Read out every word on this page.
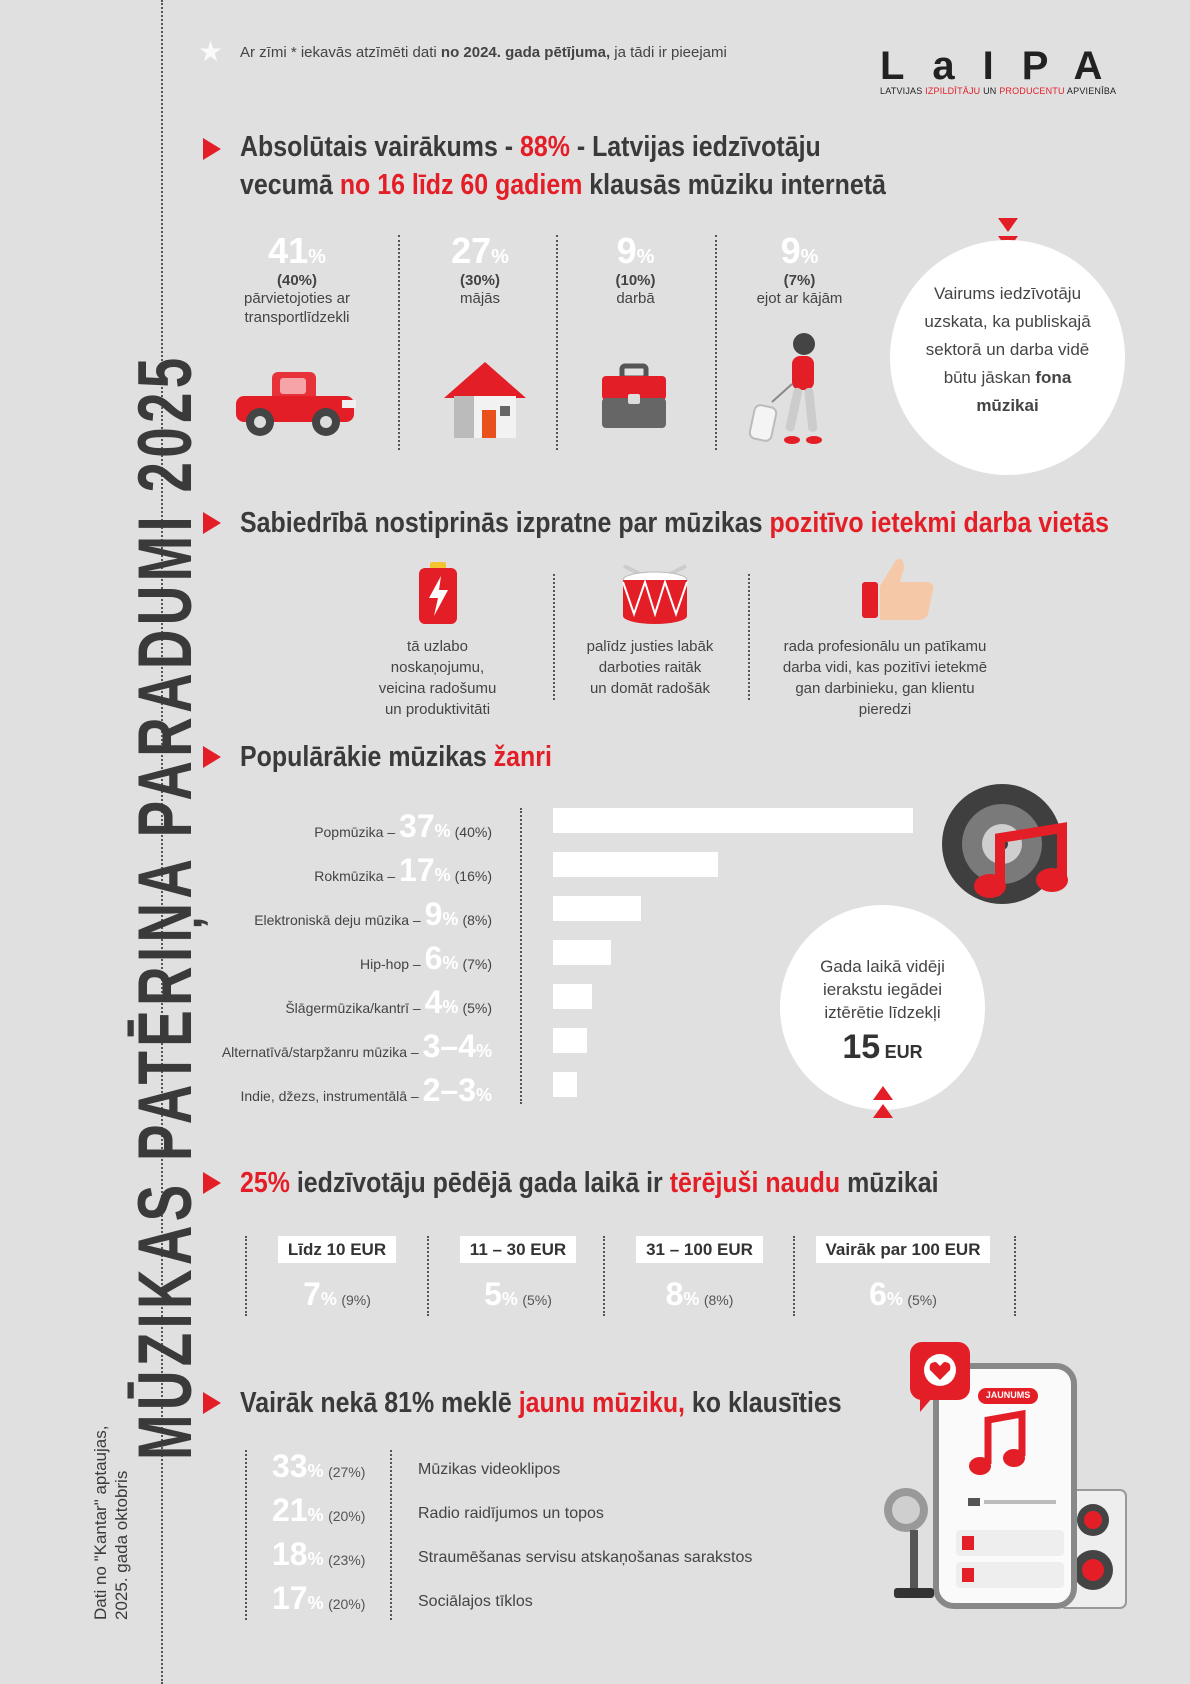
MŪZIKAS PATĒRIŅA PARADUMI 2025
Dati no "Kantar" aptaujas, 2025. gada oktobris
★ Ar zīmi * iekavās atzīmēti dati no 2024. gada pētījuma, ja tādi ir pieejami	LaIPA
LATVIJAS IZPILDĪTĀJU UN PRODUCENTU APVIENĪBA
Absolūtais vairākums - 88% - Latvijas iedzīvotāju
vecumā no 16 līdz 60 gadiem klausās mūziku internetā
41%
(40%)
pārvietojoties ar
transportlīdzekli
27%
(30%)
mājās
9%
(10%)
darbā
9%
(7%)
ejot ar kājām	Vairums iedzīvotāju
uzskata, ka publiskajā
sektorā un darba vidē
būtu jāskan fona
mūzikai
Sabiedrībā nostiprinās izpratne par mūzikas pozitīvo ietekmi darba vietās
tā uzlabo noskaņojumu,
veicina radošumu
un produktivitāti
palīdz justies labāk
darboties raitāk
un domāt radošāk
rada profesionālu un patīkamu
darba vidi, kas pozitīvi ietekmē
gan darbinieku, gan klientu pieredzi
Populārākie mūzikas žanri
Popmūzika – 37% (40%)
Rokmūzika – 17% (16%)
Elektroniskā deju mūzika – 9% (8%)
Hip-hop – 6% (7%)
Šlāgermūzika/kantrī – 4% (5%)
Alternatīvā/starpžanru mūzika – 3–4%
Indie, džezs, instrumentālā – 2–3%
Gada laikā vidēji
ierakstu iegādei
iztērētie līdzekļi
15 EUR
25% iedzīvotāju pēdējā gada laikā ir tērējuši naudu mūzikai
Līdz 10 EUR
7% (9%)
11 – 30 EUR
5% (5%)
31 – 100 EUR
8% (8%)
Vairāk par 100 EUR
6% (5%)
Vairāk nekā 81% meklē jaunu mūziku, ko klausīties
33% (27%)	Mūzikas videoklipos
21% (20%)	Radio raidījumos un topos
18% (23%)	Straumēšanas servisu atskaņošanas sarakstos
17% (20%)	Sociālajos tīklos
JAUNUMS
